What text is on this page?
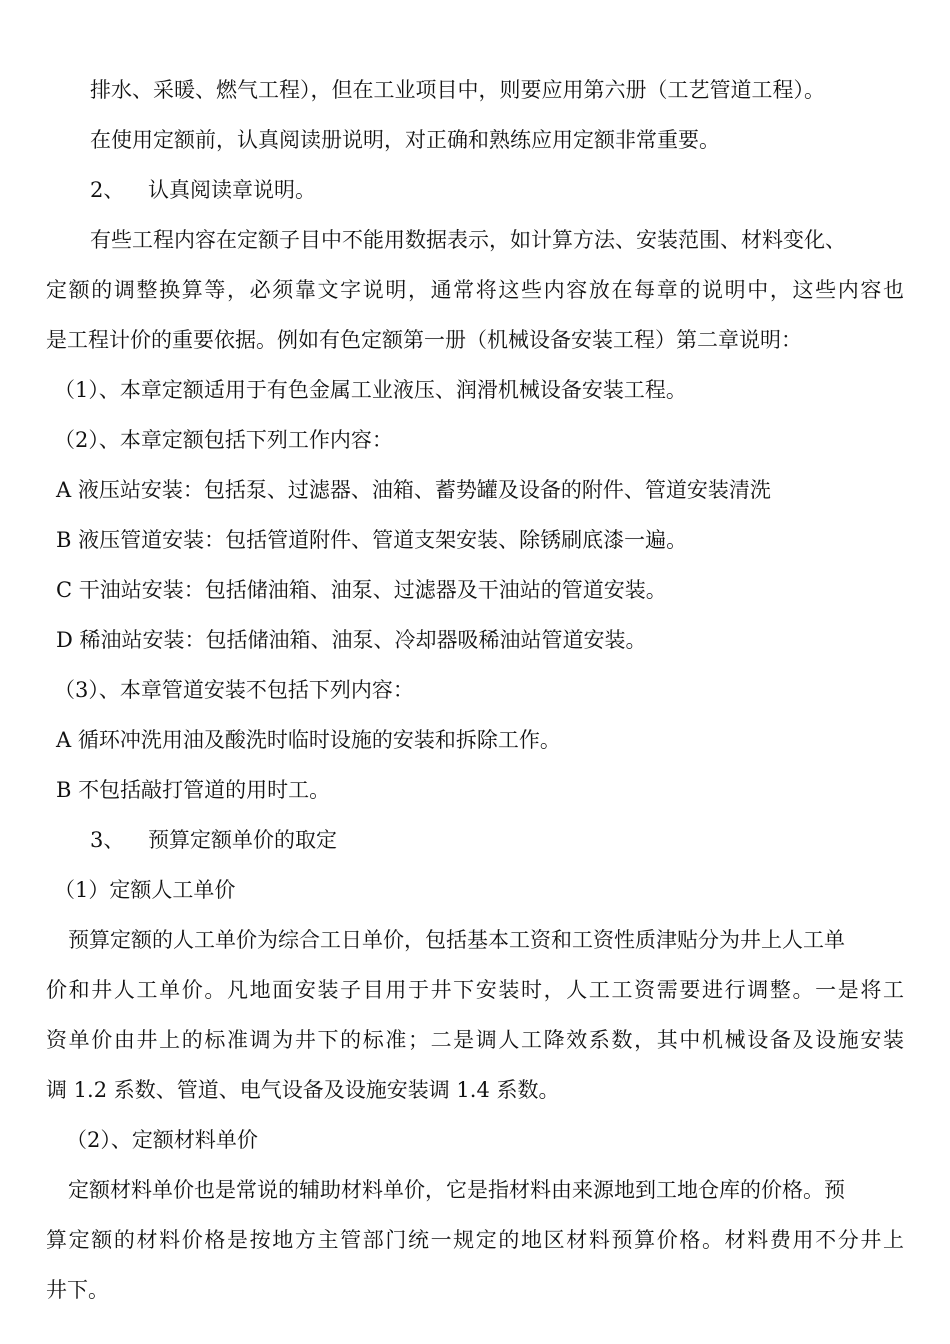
排水、采暖、燃气工程），但在工业项目中，则要应用第六册（工艺管道工程）。
在使用定额前，认真阅读册说明，对正确和熟练应用定额非常重要。
2、 认真阅读章说明。
有些工程内容在定额子目中不能用数据表示，如计算方法、安装范围、材料变化、
定额的调整换算等，必须靠文字说明，通常将这些内容放在每章的说明中，这些内容也
是工程计价的重要依据。例如有色定额第一册（机械设备安装工程）第二章说明：
（1）、本章定额适用于有色金属工业液压、润滑机械设备安装工程。
（2）、本章定额包括下列工作内容：
A 液压站安装：包括泵、过滤器、油箱、蓄势罐及设备的附件、管道安装清洗
B 液压管道安装：包括管道附件、管道支架安装、除锈刷底漆一遍。
C 干油站安装：包括储油箱、油泵、过滤器及干油站的管道安装。
D 稀油站安装：包括储油箱、油泵、冷却器吸稀油站管道安装。
（3）、本章管道安装不包括下列内容：
A 循环冲洗用油及酸洗时临时设施的安装和拆除工作。
B 不包括敲打管道的用时工。
3、 预算定额单价的取定
（1）定额人工单价
预算定额的人工单价为综合工日单价，包括基本工资和工资性质津贴分为井上人工单
价和井人工单价。凡地面安装子目用于井下安装时，人工工资需要进行调整。一是将工
资单价由井上的标准调为井下的标准；二是调人工降效系数，其中机械设备及设施安装
调 1.2 系数、管道、电气设备及设施安装调 1.4 系数。
（2）、定额材料单价
定额材料单价也是常说的辅助材料单价，它是指材料由来源地到工地仓库的价格。预
算定额的材料价格是按地方主管部门统一规定的地区材料预算价格。材料费用不分井上
井下。
